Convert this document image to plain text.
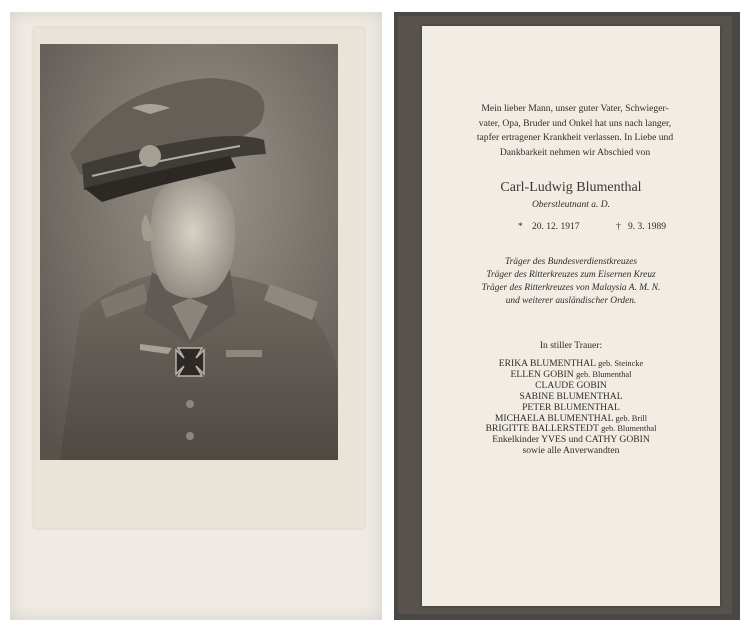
Mein lieber Mann, unser guter Vater, Schwieger-
vater, Opa, Bruder und Onkel hat uns nach langer,
tapfer ertragener Krankheit verlassen. In Liebe und
Dankbarkeit nehmen wir Abschied von
Carl-Ludwig Blumenthal
Oberstleutnant a. D.
* 20. 12. 1917	† 9. 3. 1989
Träger des Bundesverdienstkreuzes
Träger des Ritterkreuzes zum Eisernen Kreuz
Träger des Ritterkreuzes von Malaysia A. M. N.
und weiterer ausländischer Orden.
In stiller Trauer:
ERIKA BLUMENTHAL geb. Steincke
ELLEN GOBIN geb. Blumenthal
CLAUDE GOBIN
SABINE BLUMENTHAL
PETER BLUMENTHAL
MICHAELA BLUMENTHAL geb. Brill
BRIGITTE BALLERSTEDT geb. Blumenthal
Enkelkinder YVES und CATHY GOBIN
sowie alle Anverwandten
